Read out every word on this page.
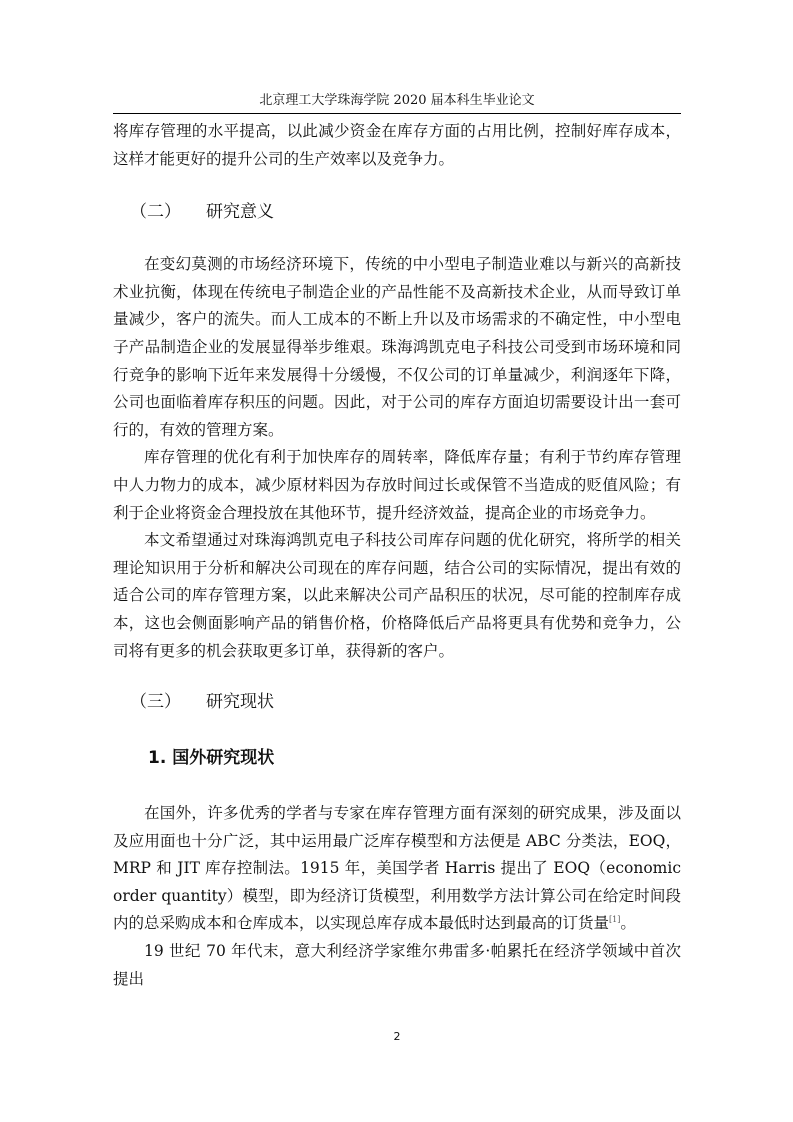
北京理工大学珠海学院 2020 届本科生毕业论文

将库存管理的水平提高，以此减少资金在库存方面的占用比例，控制好库存成本，这样才能更好的提升公司的生产效率以及竞争力。

（二） 研究意义

在变幻莫测的市场经济环境下，传统的中小型电子制造业难以与新兴的高新技术业抗衡，体现在传统电子制造企业的产品性能不及高新技术企业，从而导致订单量减少，客户的流失。而人工成本的不断上升以及市场需求的不确定性，中小型电子产品制造企业的发展显得举步维艰。珠海鸿凯克电子科技公司受到市场环境和同行竞争的影响下近年来发展得十分缓慢，不仅公司的订单量减少，利润逐年下降，公司也面临着库存积压的问题。因此，对于公司的库存方面迫切需要设计出一套可行的，有效的管理方案。

库存管理的优化有利于加快库存的周转率，降低库存量；有利于节约库存管理中人力物力的成本，减少原材料因为存放时间过长或保管不当造成的贬值风险；有利于企业将资金合理投放在其他环节，提升经济效益，提高企业的市场竞争力。

本文希望通过对珠海鸿凯克电子科技公司库存问题的优化研究，将所学的相关理论知识用于分析和解决公司现在的库存问题，结合公司的实际情况，提出有效的适合公司的库存管理方案，以此来解决公司产品积压的状况，尽可能的控制库存成本，这也会侧面影响产品的销售价格，价格降低后产品将更具有优势和竞争力，公司将有更多的机会获取更多订单，获得新的客户。

（三） 研究现状
1. 国外研究现状

在国外，许多优秀的学者与专家在库存管理方面有深刻的研究成果，涉及面以及应用面也十分广泛，其中运用最广泛库存模型和方法便是 ABC 分类法，EOQ，MRP 和 JIT 库存控制法。1915 年，美国学者 Harris 提出了 EOQ（economic order quantity）模型，即为经济订货模型，利用数学方法计算公司在给定时间段内的总采购成本和仓库成本，以实现总库存成本最低时达到最高的订货量[1]。

19 世纪 70 年代末，意大利经济学家维尔弗雷多·帕累托在经济学领域中首次提出

2
